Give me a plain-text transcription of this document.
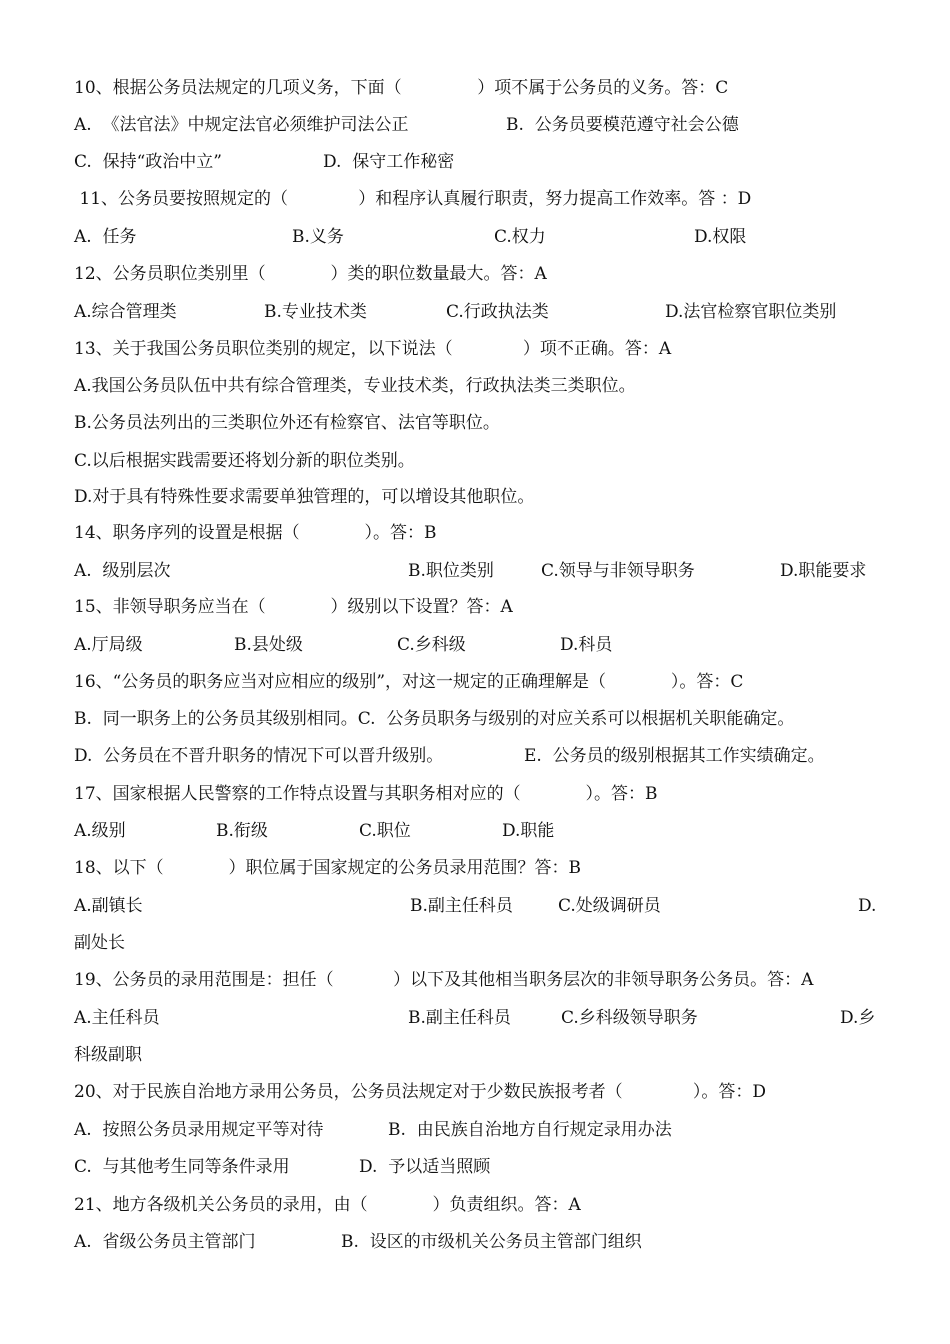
10、根据公务员法规定的几项义务，下面（              ）项不属于公务员的义务。答：C

A.  《法官法》中规定法官必须维护司法公正

	B.  公务员要模范遵守社会公德

C.  保持“政治中立”

	D.  保守工作秘密

11、公务员要按照规定的（             ）和程序认真履行职责，努力提高工作效率。答 ：D

A.  任务

	B.义务

	C.权力

	D.权限

12、公务员职位类别里（            ）类的职位数量最大。答：A

A.综合管理类

	B.专业技术类

	C.行政执法类

	D.法官检察官职位类别

13、关于我国公务员职位类别的规定，以下说法（             ）项不正确。答：A
A.我国公务员队伍中共有综合管理类，专业技术类，行政执法类三类职位。
B.公务员法列出的三类职位外还有检察官、法官等职位。
C.以后根据实践需要还将划分新的职位类别。
D.对于具有特殊性要求需要单独管理的，可以增设其他职位。
14、职务序列的设置是根据（            ）。答：B

A.  级别层次

	B.职位类别

	C.领导与非领导职务

	D.职能要求

15、非领导职务应当在（            ）级别以下设置？答：A

A.厅局级

	B.县处级

	C.乡科级

	D.科员

16、“公务员的职务应当对应相应的级别”，对这一规定的正确理解是（            ）。答：C

B.  同一职务上的公务员其级别相同。C.  公务员职务与级别的对应关系可以根据机关职能确定。

D.  公务员在不晋升职务的情况下可以晋升级别。

	E.  公务员的级别根据其工作实绩确定。

17、国家根据人民警察的工作特点设置与其职务相对应的（            ）。答：B

A.级别

	B.衔级

	C.职位

	D.职能

18、以下（            ）职位属于国家规定的公务员录用范围？答：B

A.副镇长

	B.副主任科员

	C.处级调研员

	D.

副处长
19、公务员的录用范围是：担任（           ）以下及其他相当职务层次的非领导职务公务员。答：A

A.主任科员

	B.副主任科员

	C.乡科级领导职务

	D.乡

科级副职
20、对于民族自治地方录用公务员，公务员法规定对于少数民族报考者（             ）。答：D

A.  按照公务员录用规定平等对待

	B.  由民族自治地方自行规定录用办法

C.  与其他考生同等条件录用

	D.  予以适当照顾

21、地方各级机关公务员的录用，由（            ）负责组织。答：A

A.  省级公务员主管部门

	B.  设区的市级机关公务员主管部门组织
